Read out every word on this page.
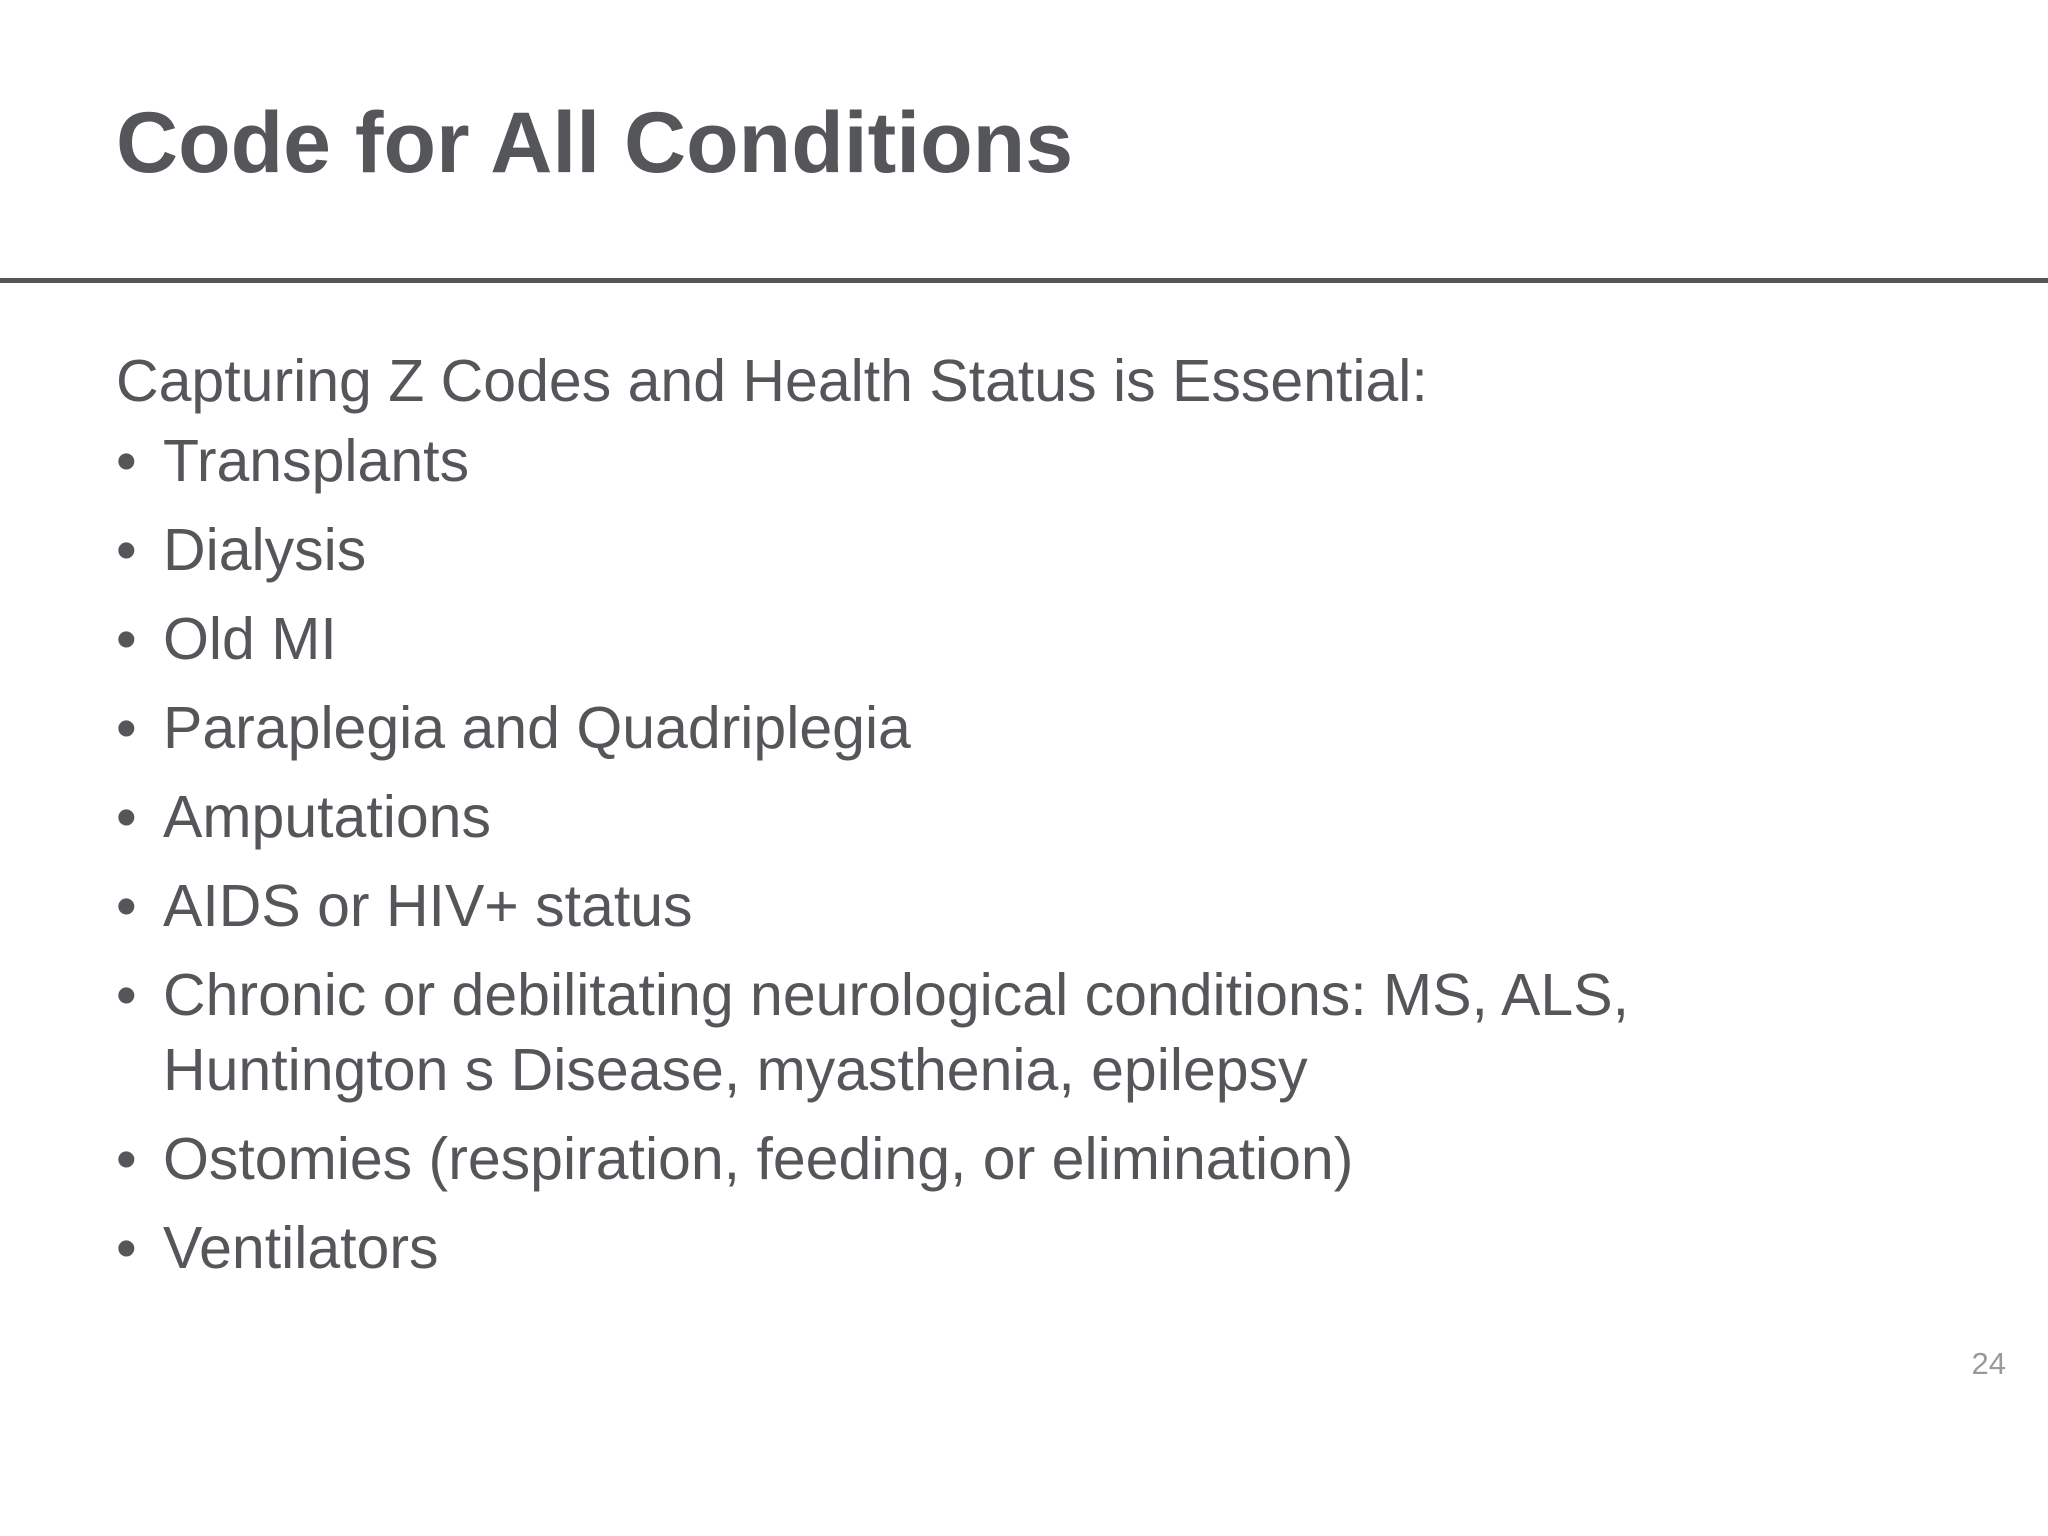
Code for All Conditions

Capturing Z Codes and Health Status is Essential:

• Transplants
• Dialysis
• Old MI
• Paraplegia and Quadriplegia
• Amputations
• AIDS or HIV+ status
• Chronic or debilitating neurological conditions: MS, ALS, Huntington s Disease, myasthenia, epilepsy
• Ostomies (respiration, feeding, or elimination)
• Ventilators
24
